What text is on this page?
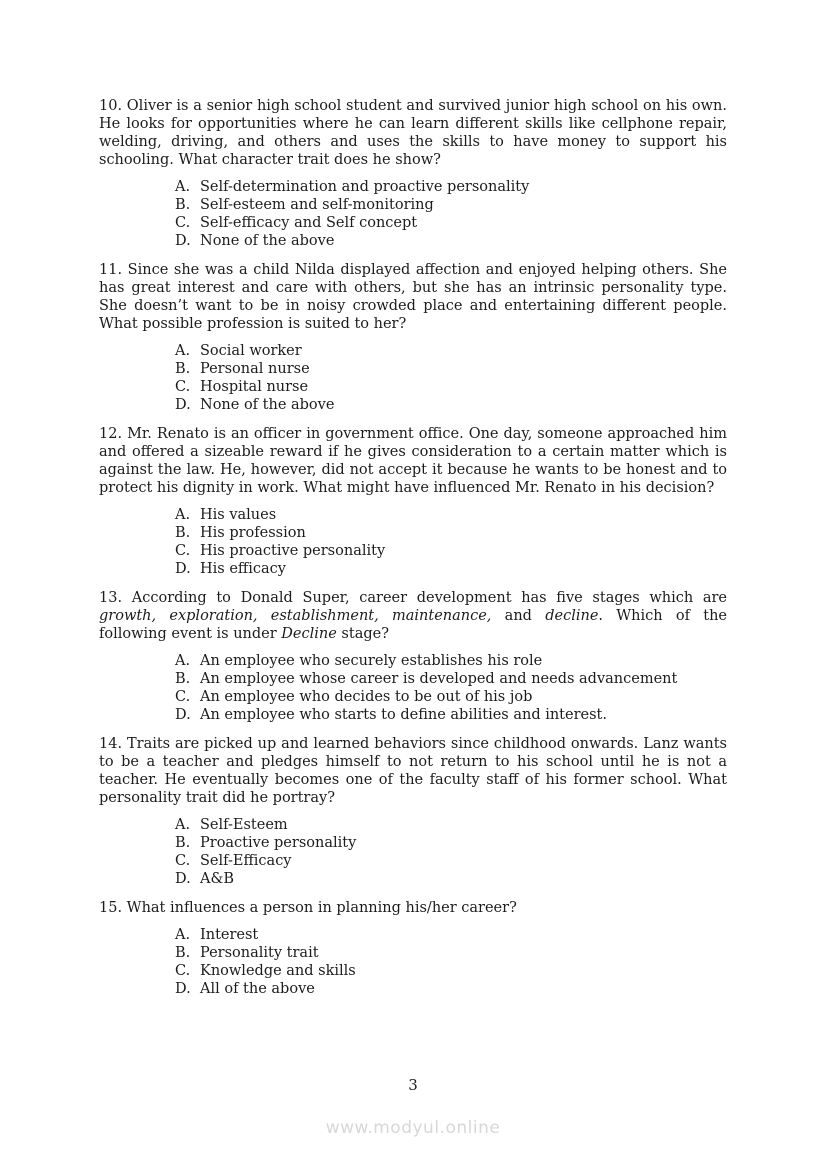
10. Oliver is a senior high school student and survived junior high school on his own. He looks for opportunities where he can learn different skills like cellphone repair, welding, driving, and others and uses the skills to have money to support his schooling. What character trait does he show?

A. Self-determination and proactive personality
B. Self-esteem and self-monitoring
C. Self-efficacy and Self concept
D. None of the above

11. Since she was a child Nilda displayed affection and enjoyed helping others. She has great interest and care with others, but she has an intrinsic personality type. She doesn’t want to be in noisy crowded place and entertaining different people. What possible profession is suited to her?

A. Social worker
B. Personal nurse
C. Hospital nurse
D. None of the above

12. Mr. Renato is an officer in government office. One day, someone approached him and offered a sizeable reward if he gives consideration to a certain matter which is against the law. He, however, did not accept it because he wants to be honest and to protect his dignity in work. What might have influenced Mr. Renato in his decision?

A. His values
B. His profession
C. His proactive personality
D. His efficacy

13. According to Donald Super, career development has five stages which are growth, exploration, establishment, maintenance, and decline. Which of the following event is under Decline stage?

A. An employee who securely establishes his role
B. An employee whose career is developed and needs advancement
C. An employee who decides to be out of his job
D. An employee who starts to define abilities and interest.

14. Traits are picked up and learned behaviors since childhood onwards. Lanz wants to be a teacher and pledges himself to not return to his school until he is not a teacher. He eventually becomes one of the faculty staff of his former school. What personality trait did he portray?

A. Self-Esteem
B. Proactive personality
C. Self-Efficacy
D. A&B

15. What influences a person in planning his/her career?

A. Interest
B. Personality trait
C. Knowledge and skills
D. All of the above
3
www.modyul.online
